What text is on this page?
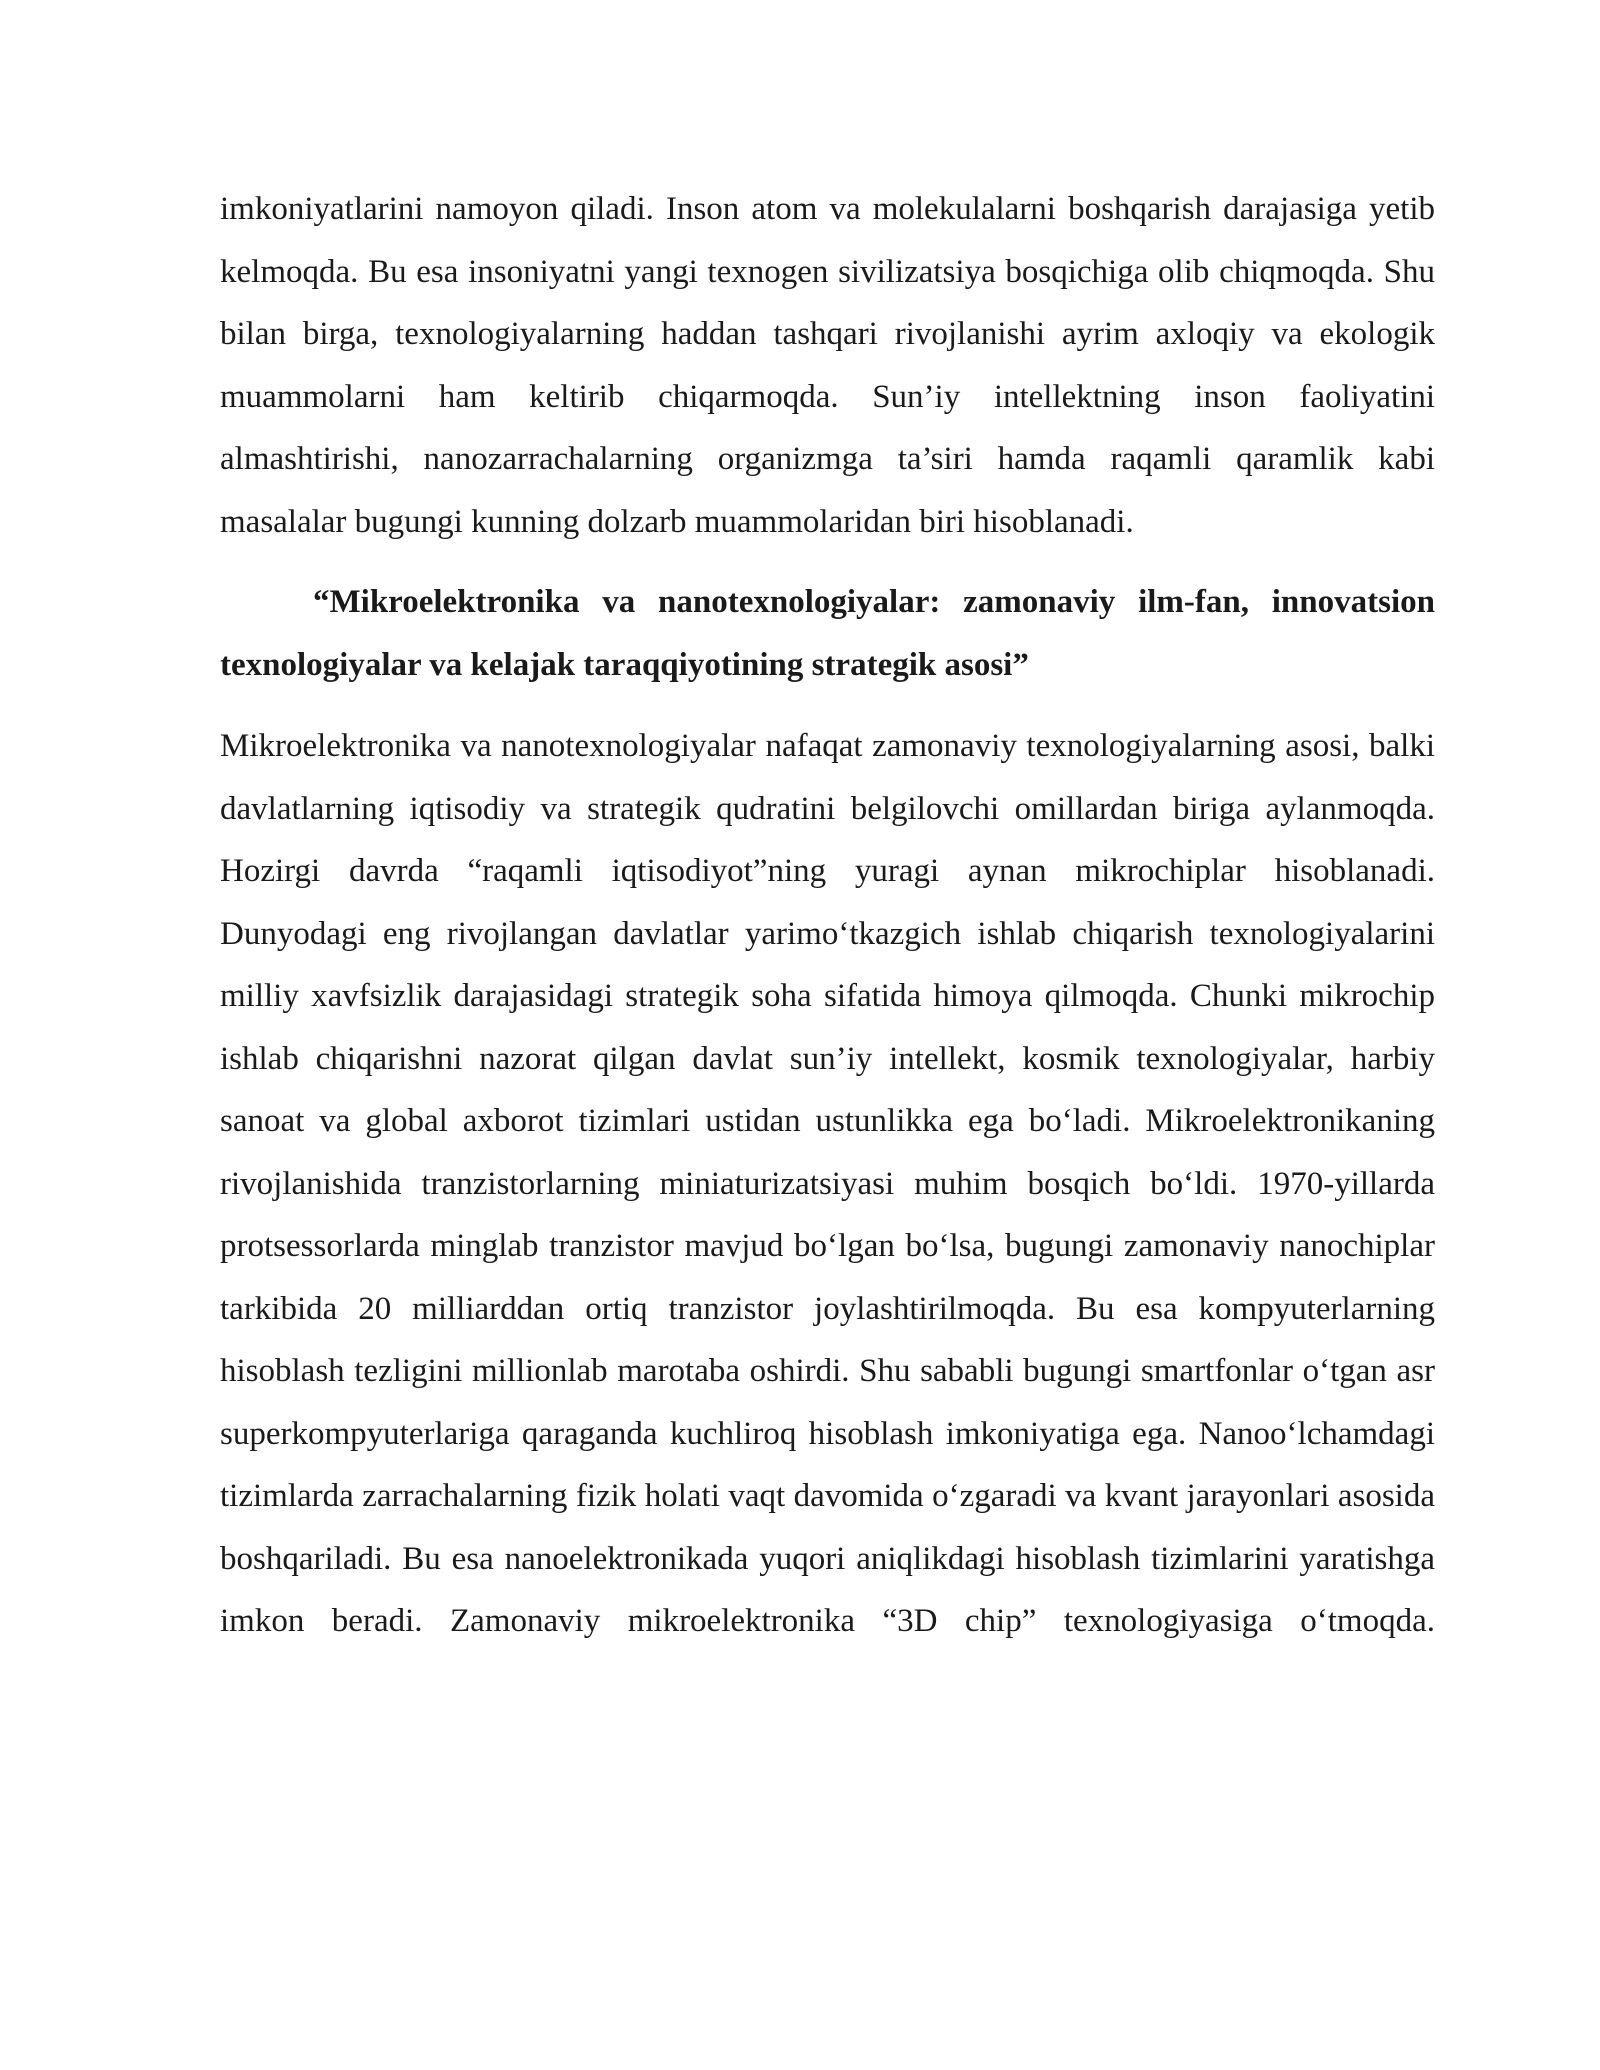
imkoniyatlarini namoyon qiladi. Inson atom va molekulalarni boshqarish darajasiga yetib kelmoqda. Bu esa insoniyatni yangi texnogen sivilizatsiya bosqichiga olib chiqmoqda. Shu bilan birga, texnologiyalarning haddan tashqari rivojlanishi ayrim axloqiy va ekologik muammolarni ham keltirib chiqarmoqda. Sun’iy intellektning inson faoliyatini almashtirishi, nanozarrachalarning organizmga ta’siri hamda raqamli qaramlik kabi masalalar bugungi kunning dolzarb muammolaridan biri hisoblanadi.

“Mikroelektronika va nanotexnologiyalar: zamonaviy ilm-fan, innovatsion texnologiyalar va kelajak taraqqiyotining strategik asosi”

Mikroelektronika va nanotexnologiyalar nafaqat zamonaviy texnologiyalarning asosi, balki davlatlarning iqtisodiy va strategik qudratini belgilovchi omillardan biriga aylanmoqda. Hozirgi davrda “raqamli iqtisodiyot”ning yuragi aynan mikrochiplar hisoblanadi. Dunyodagi eng rivojlangan davlatlar yarimo‘tkazgich ishlab chiqarish texnologiyalarini milliy xavfsizlik darajasidagi strategik soha sifatida himoya qilmoqda. Chunki mikrochip ishlab chiqarishni nazorat qilgan davlat sun’iy intellekt, kosmik texnologiyalar, harbiy sanoat va global axborot tizimlari ustidan ustunlikka ega bo‘ladi. Mikroelektronikaning rivojlanishida tranzistorlarning miniaturizatsiyasi muhim bosqich bo‘ldi. 1970-yillarda protsessorlarda minglab tranzistor mavjud bo‘lgan bo‘lsa, bugungi zamonaviy nanochiplar tarkibida 20 milliarddan ortiq tranzistor joylashtirilmoqda. Bu esa kompyuterlarning hisoblash tezligini millionlab marotaba oshirdi. Shu sababli bugungi smartfonlar o‘tgan asr superkompyuterlariga qaraganda kuchliroq hisoblash imkoniyatiga ega. Nanoo‘lchamdagi tizimlarda zarrachalarning fizik holati vaqt davomida o‘zgaradi va kvant jarayonlari asosida boshqariladi. Bu esa nanoelektronikada yuqori aniqlikdagi hisoblash tizimlarini yaratishga imkon beradi. Zamonaviy mikroelektronika “3D chip” texnologiyasiga o‘tmoqda.
